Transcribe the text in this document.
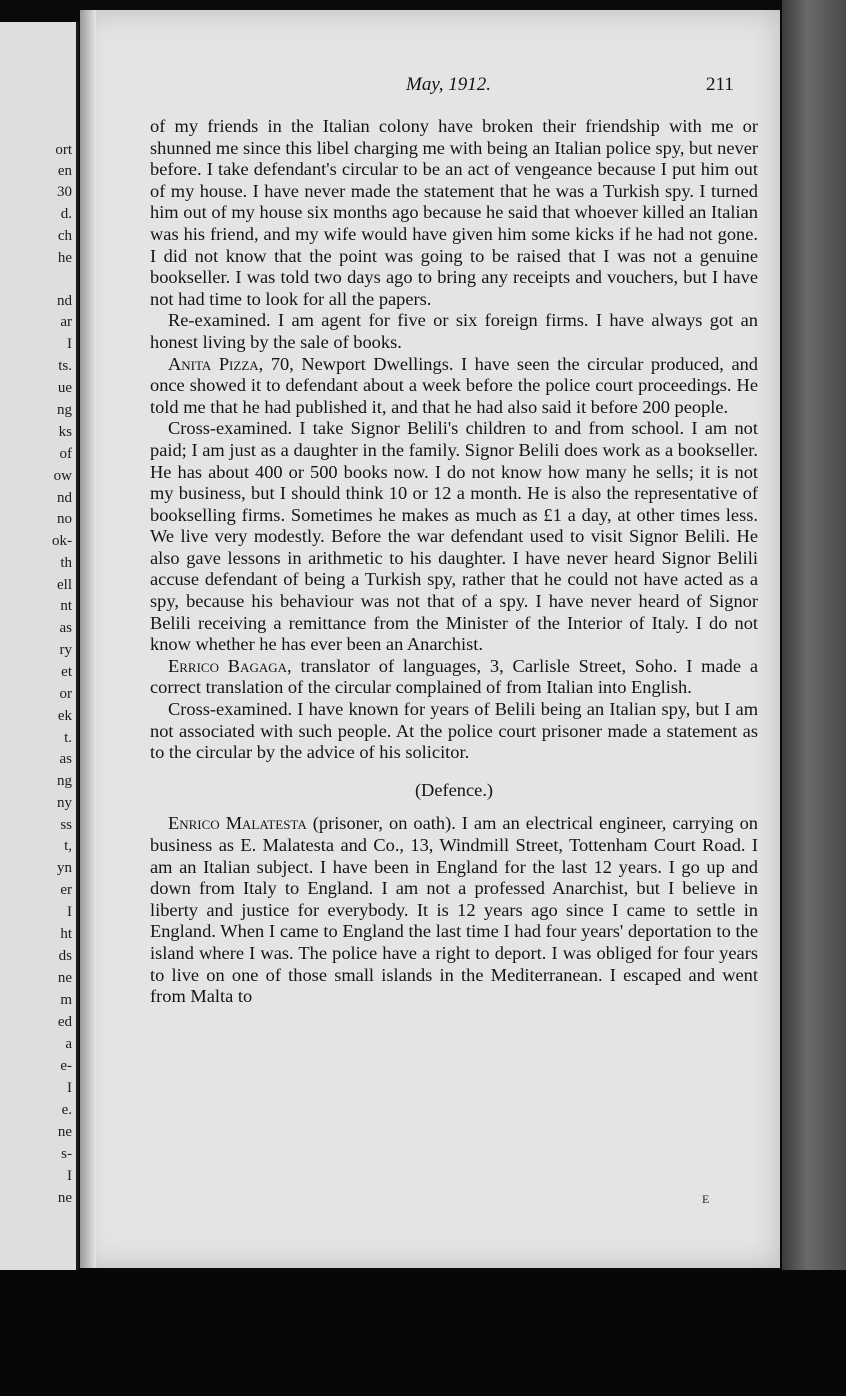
ort
en
30
d.
ch
he
nd
ar
I
ts.
ue
ng
ks
of
ow
nd
no
ok-
th
ell
nt
as
ry
et
or
ek
t.
as
ng
ny
ss
t,
yn
er
I
ht
ds
ne
m
ed
a
e-
I
e.
ne
s-
I
ne
May, 1912.	211

of my friends in the Italian colony have broken their friendship with me or shunned me since this libel charging me with being an Italian police spy, but never before. I take defendant's circular to be an act of vengeance because I put him out of my house. I have never made the statement that he was a Turkish spy. I turned him out of my house six months ago because he said that whoever killed an Italian was his friend, and my wife would have given him some kicks if he had not gone. I did not know that the point was going to be raised that I was not a genuine bookseller. I was told two days ago to bring any receipts and vouchers, but I have not had time to look for all the papers.

Re-examined. I am agent for five or six foreign firms. I have always got an honest living by the sale of books.

Anita Pizza, 70, Newport Dwellings. I have seen the circular produced, and once showed it to defendant about a week before the police court proceedings. He told me that he had published it, and that he had also said it before 200 people.

Cross-examined. I take Signor Belili's children to and from school. I am not paid; I am just as a daughter in the family. Signor Belili does work as a bookseller. He has about 400 or 500 books now. I do not know how many he sells; it is not my business, but I should think 10 or 12 a month. He is also the representative of bookselling firms. Sometimes he makes as much as £1 a day, at other times less. We live very modestly. Before the war defendant used to visit Signor Belili. He also gave lessons in arithmetic to his daughter. I have never heard Signor Belili accuse defendant of being a Turkish spy, rather that he could not have acted as a spy, because his behaviour was not that of a spy. I have never heard of Signor Belili receiving a remittance from the Minister of the Interior of Italy. I do not know whether he has ever been an Anarchist.

Errico Bagaga, translator of languages, 3, Carlisle Street, Soho. I made a correct translation of the circular complained of from Italian into English.

Cross-examined. I have known for years of Belili being an Italian spy, but I am not associated with such people. At the police court prisoner made a statement as to the circular by the advice of his solicitor.

(Defence.)

Enrico Malatesta (prisoner, on oath). I am an electrical engineer, carrying on business as E. Malatesta and Co., 13, Windmill Street, Tottenham Court Road. I am an Italian subject. I have been in England for the last 12 years. I go up and down from Italy to England. I am not a professed Anarchist, but I believe in liberty and justice for everybody. It is 12 years ago since I came to settle in England. When I came to England the last time I had four years' deportation to the island where I was. The police have a right to deport. I was obliged for four years to live on one of those small islands in the Mediterranean. I escaped and went from Malta to

E
